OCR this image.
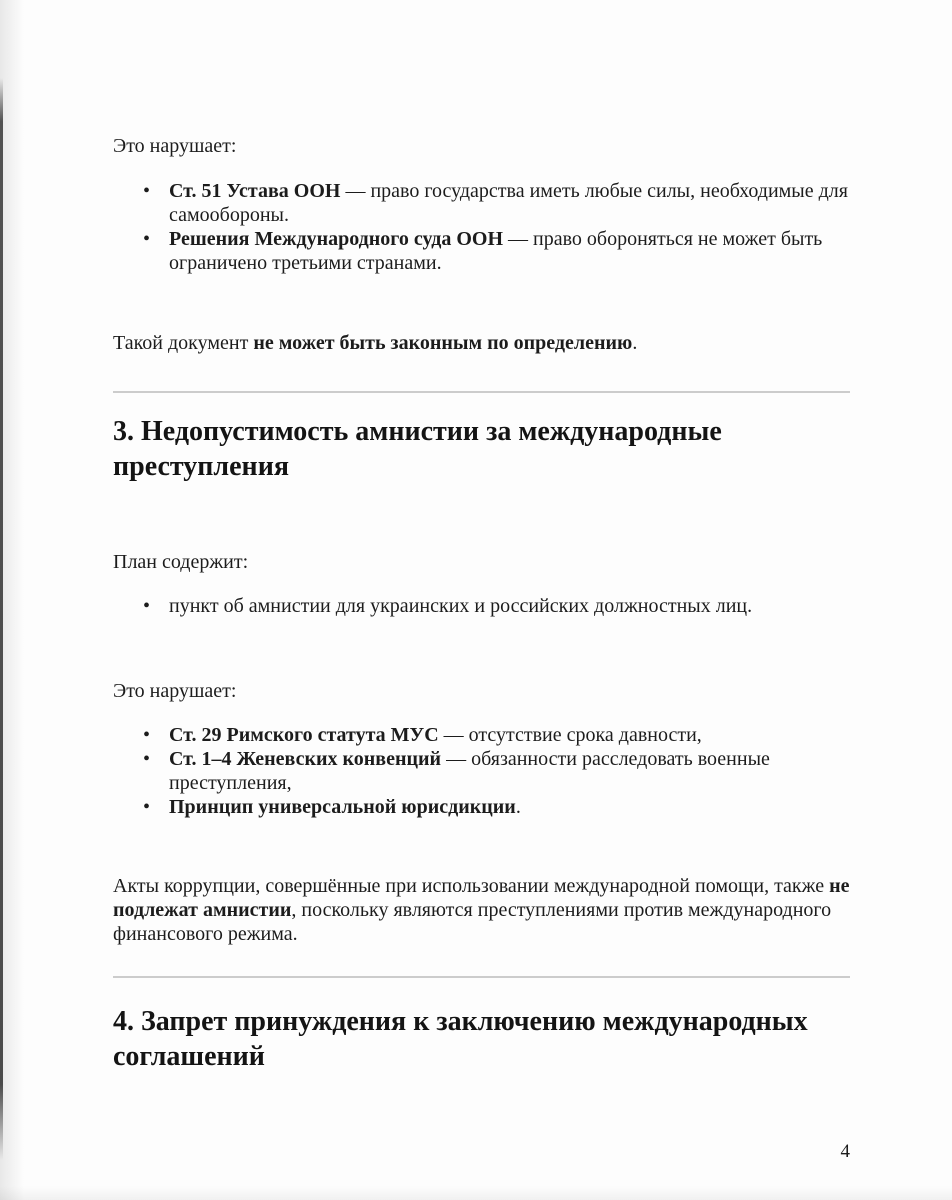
Это нарушает:

• Ст. 51 Устава ООН — право государства иметь любые силы, необходимые для самообороны.
• Решения Международного суда ООН — право обороняться не может быть ограничено третьими странами.

Такой документ не может быть законным по определению.

3. Недопустимость амнистии за международные преступления

План содержит:

• пункт об амнистии для украинских и российских должностных лиц.

Это нарушает:

• Ст. 29 Римского статута МУС — отсутствие срока давности,
• Ст. 1–4 Женевских конвенций — обязанности расследовать военные преступления,
• Принцип универсальной юрисдикции.

Акты коррупции, совершённые при использовании международной помощи, также не подлежат амнистии, поскольку являются преступлениями против международного финансового режима.

4. Запрет принуждения к заключению международных соглашений
4
